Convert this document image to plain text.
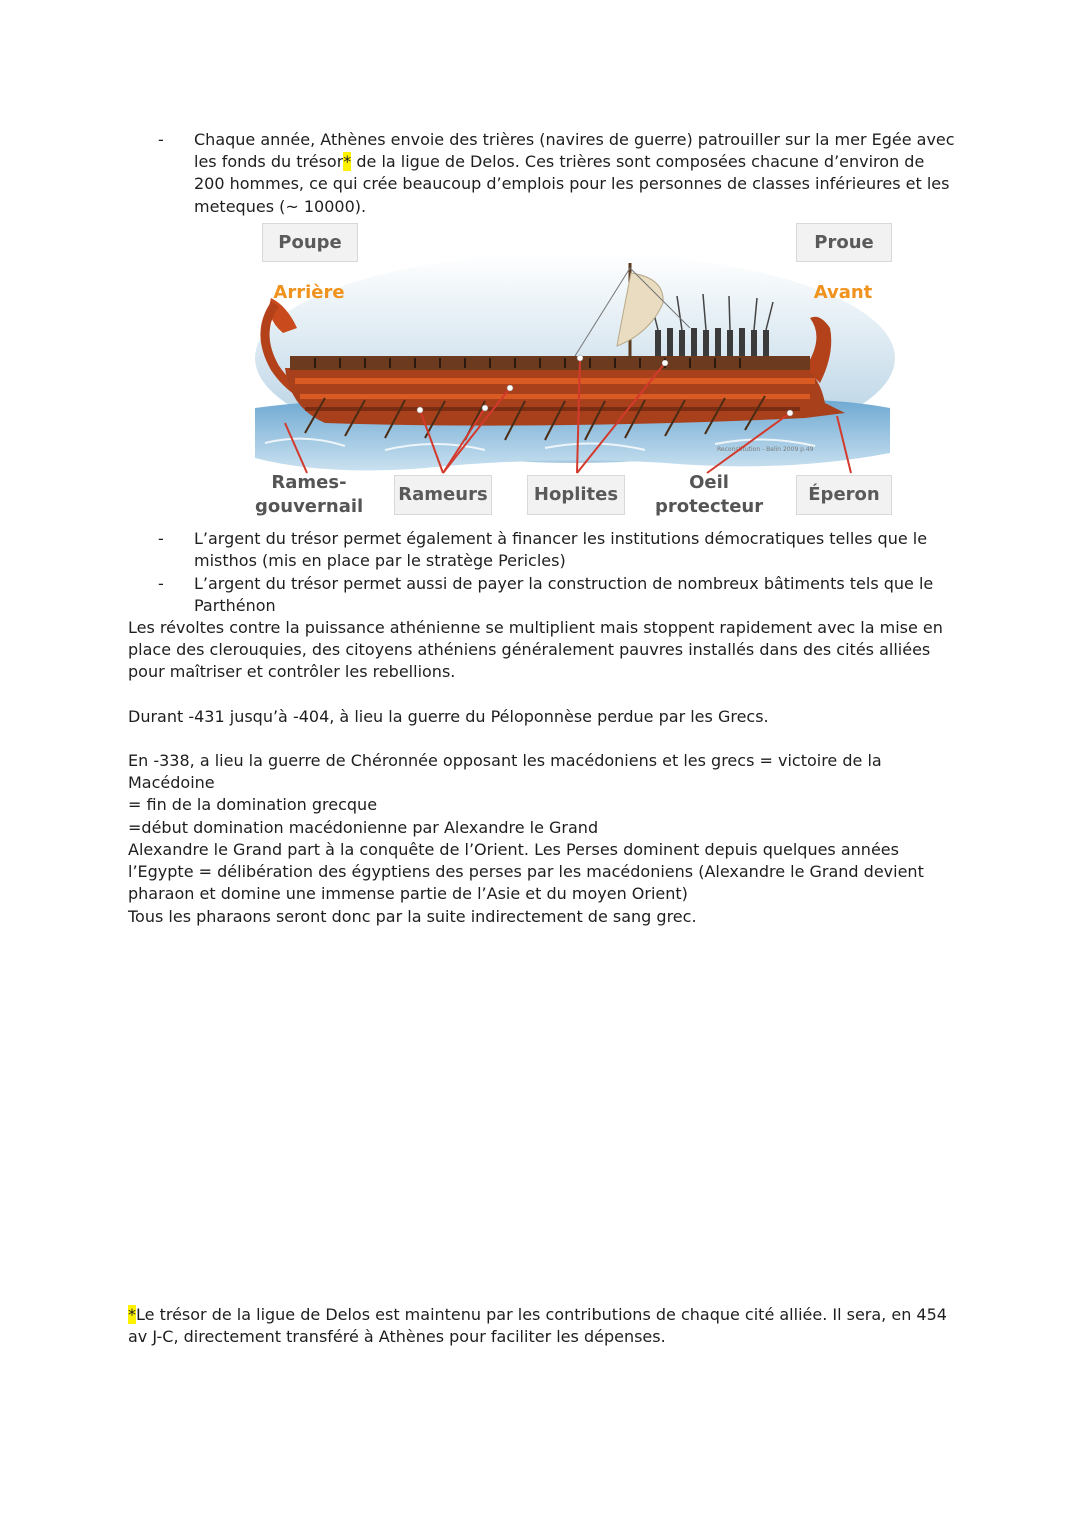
-	Chaque année, Athènes envoie des trières (navires de guerre) patrouiller sur la mer Egée avec les fonds du trésor* de la ligue de Delos. Ces trières sont composées chacune d’environ de 200 hommes, ce qui crée beaucoup d’emplois pour les personnes de classes inférieures et les meteques (~ 10000).
Reconstitution - Belin 2009 p.49
Poupe	Proue
Arrière	Avant
Rames-
gouvernail
Rameurs	Hoplites
Oeil
protecteur
Éperon
-	L’argent du trésor permet également à financer les institutions démocratiques telles que le misthos (mis en place par le stratège Pericles)
-	L’argent du trésor permet aussi de payer la construction de nombreux bâtiments tels que le Parthénon
Les révoltes contre la puissance athénienne se multiplient mais stoppent rapidement avec la mise en place des clerouquies, des citoyens athéniens généralement pauvres installés dans des cités alliées pour maîtriser et contrôler les rebellions.
Durant -431 jusqu’à -404, à lieu la guerre du Péloponnèse perdue par les Grecs.
En -338, a lieu la guerre de Chéronnée opposant les macédoniens et les grecs = victoire de la Macédoine
= fin de la domination grecque
=début domination macédonienne par Alexandre le Grand
Alexandre le Grand part à la conquête de l’Orient. Les Perses dominent depuis quelques années l’Egypte = délibération des égyptiens des perses par les macédoniens (Alexandre le Grand devient pharaon et domine une immense partie de l’Asie et du moyen Orient)
Tous les pharaons seront donc par la suite indirectement de sang grec.
*Le trésor de la ligue de Delos est maintenu par les contributions de chaque cité alliée. Il sera, en 454 av J-C, directement transféré à Athènes pour faciliter les dépenses.
